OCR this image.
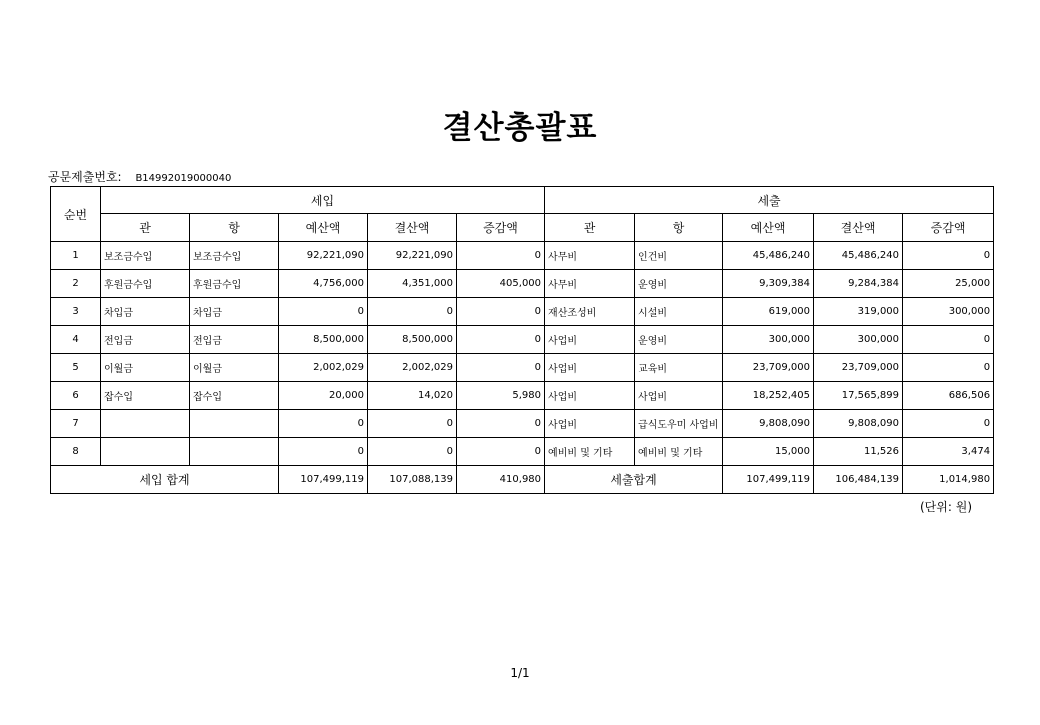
결산총괄표
공문제출번호: B14992019000040
순번	세입					세출				
	관	항	예산액	결산액	증감액	관	항	예산액	결산액	증감액
1	보조금수입	보조금수입	92,221,090	92,221,090	0	사무비	인건비	45,486,240	45,486,240	0
2	후원금수입	후원금수입	4,756,000	4,351,000	405,000	사무비	운영비	9,309,384	9,284,384	25,000
3	차입금	차입금	0	0	0	재산조성비	시설비	619,000	319,000	300,000
4	전입금	전입금	8,500,000	8,500,000	0	사업비	운영비	300,000	300,000	0
5	이월금	이월금	2,002,029	2,002,029	0	사업비	교육비	23,709,000	23,709,000	0
6	잡수입	잡수입	20,000	14,020	5,980	사업비	사업비	18,252,405	17,565,899	686,506
7			0	0	0	사업비	급식도우미 사업비	9,808,090	9,808,090	0
8			0	0	0	예비비 및 기타	예비비 및 기타	15,000	11,526	3,474
세입 합계			107,499,119	107,088,139	410,980	세출합계		107,499,119	106,484,139	1,014,980
(단위: 원)
1/1
